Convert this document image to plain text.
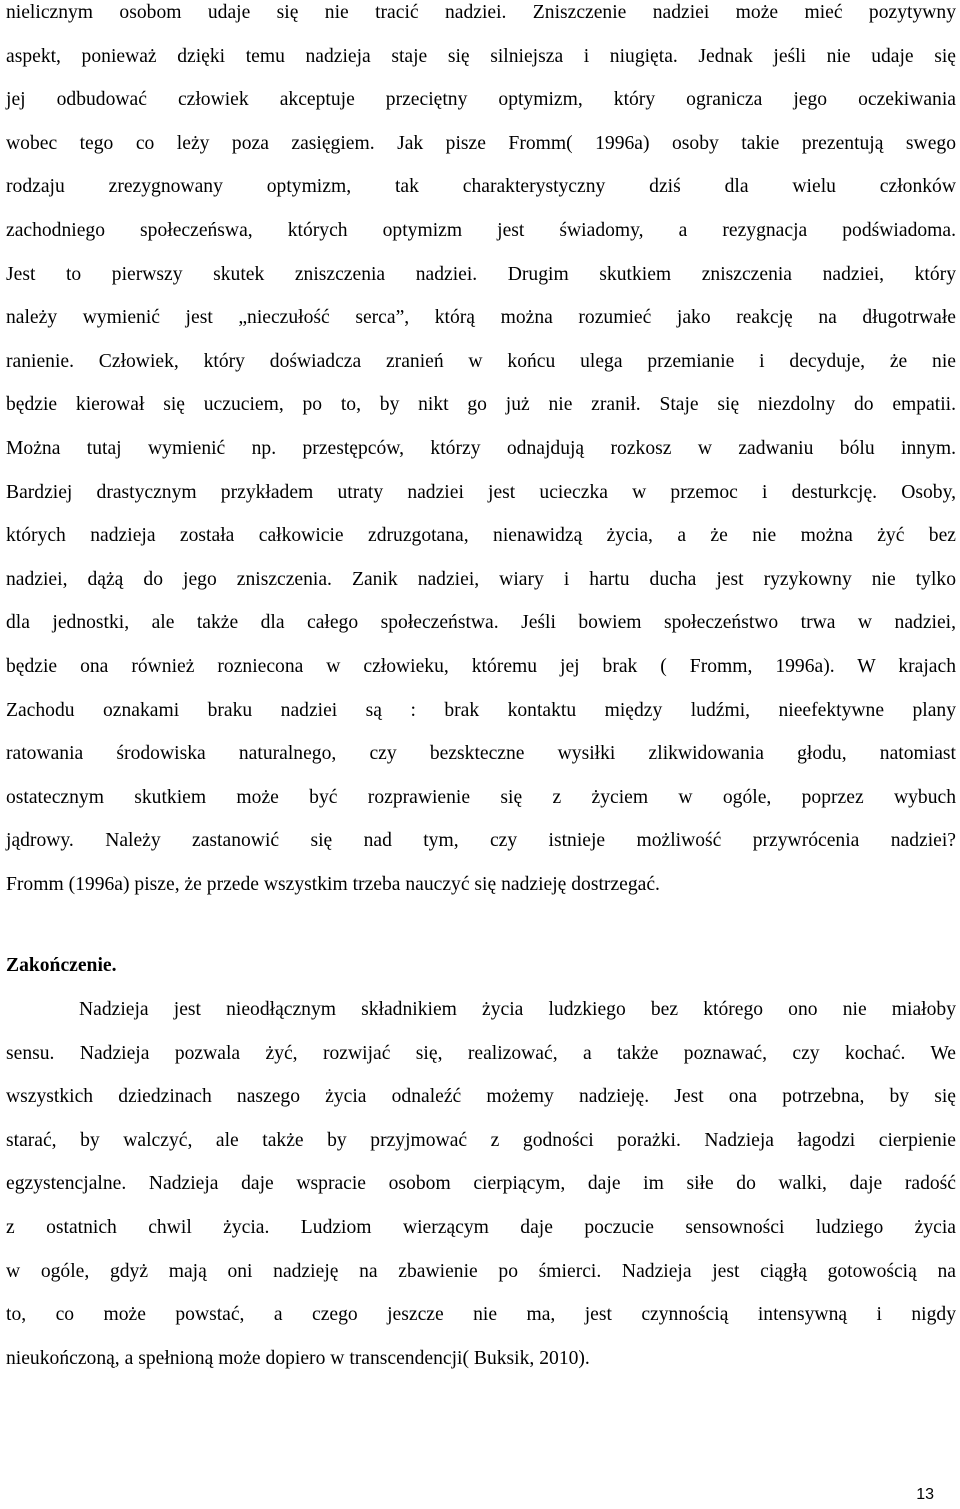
nielicznym osobom udaje się nie tracić nadziei. Zniszczenie nadziei może mieć pozytywny
aspekt, ponieważ dzięki temu nadzieja staje się silniejsza i niugięta. Jednak jeśli nie udaje się
jej odbudować człowiek akceptuje przeciętny optymizm, który ogranicza jego oczekiwania
wobec tego co leży poza zasięgiem. Jak pisze Fromm( 1996a) osoby takie prezentują swego
rodzaju zrezygnowany optymizm, tak charakterystyczny dziś dla wielu członków
zachodniego społeczeńswa, których optymizm jest świadomy, a rezygnacja podświadoma.
Jest to pierwszy skutek zniszczenia nadziei. Drugim skutkiem zniszczenia nadziei, który
należy wymienić jest „nieczułość serca”, którą można rozumieć jako reakcję na długotrwałe
ranienie. Człowiek, który doświadcza zranień w końcu ulega przemianie i decyduje, że nie
będzie kierował się uczuciem, po to, by nikt go już nie zranił. Staje się niezdolny do empatii.
Można tutaj wymienić np. przestępców, którzy odnajdują rozkosz w zadwaniu bólu innym.
Bardziej drastycznym przykładem utraty nadziei jest ucieczka w przemoc i desturkcję. Osoby,
których nadzieja została całkowicie zdruzgotana, nienawidzą życia, a że nie można żyć bez
nadziei, dążą do jego zniszczenia. Zanik nadziei, wiary i hartu ducha jest ryzykowny nie tylko
dla jednostki, ale także dla całego społeczeństwa. Jeśli bowiem społeczeństwo trwa w nadziei,
będzie ona również rozniecona w człowieku, któremu jej brak ( Fromm, 1996a). W krajach
Zachodu oznakami braku nadziei są : brak kontaktu między ludźmi, nieefektywne plany
ratowania środowiska naturalnego, czy bezskteczne wysiłki zlikwidowania głodu, natomiast
ostatecznym skutkiem może być rozprawienie się z życiem w ogóle, poprzez wybuch
jądrowy. Należy zastanowić się nad tym, czy istnieje możliwość przywrócenia nadziei?
Fromm (1996a) pisze, że przede wszystkim trzeba nauczyć się nadzieję dostrzegać.
Zakończenie.
Nadzieja jest nieodłącznym składnikiem życia ludzkiego bez którego ono nie miałoby
sensu. Nadzieja pozwala żyć, rozwijać się, realizować, a także poznawać, czy kochać. We
wszystkich dziedzinach naszego życia odnaleźć możemy nadzieję. Jest ona potrzebna, by się
starać, by walczyć, ale także by przyjmować z godności porażki. Nadzieja łagodzi cierpienie
egzystencjalne. Nadzieja daje wspracie osobom cierpiącym, daje im siłe do walki, daje radość
z ostatnich chwil życia. Ludziom wierzącym daje poczucie sensowności ludziego życia
w ogóle, gdyż mają oni nadzieję na zbawienie po śmierci. Nadzieja jest ciągłą gotowością na
to, co może powstać, a czego jeszcze nie ma, jest czynnością intensywną i nigdy
nieukończoną, a spełnioną może dopiero w transcendencji( Buksik, 2010).
13
